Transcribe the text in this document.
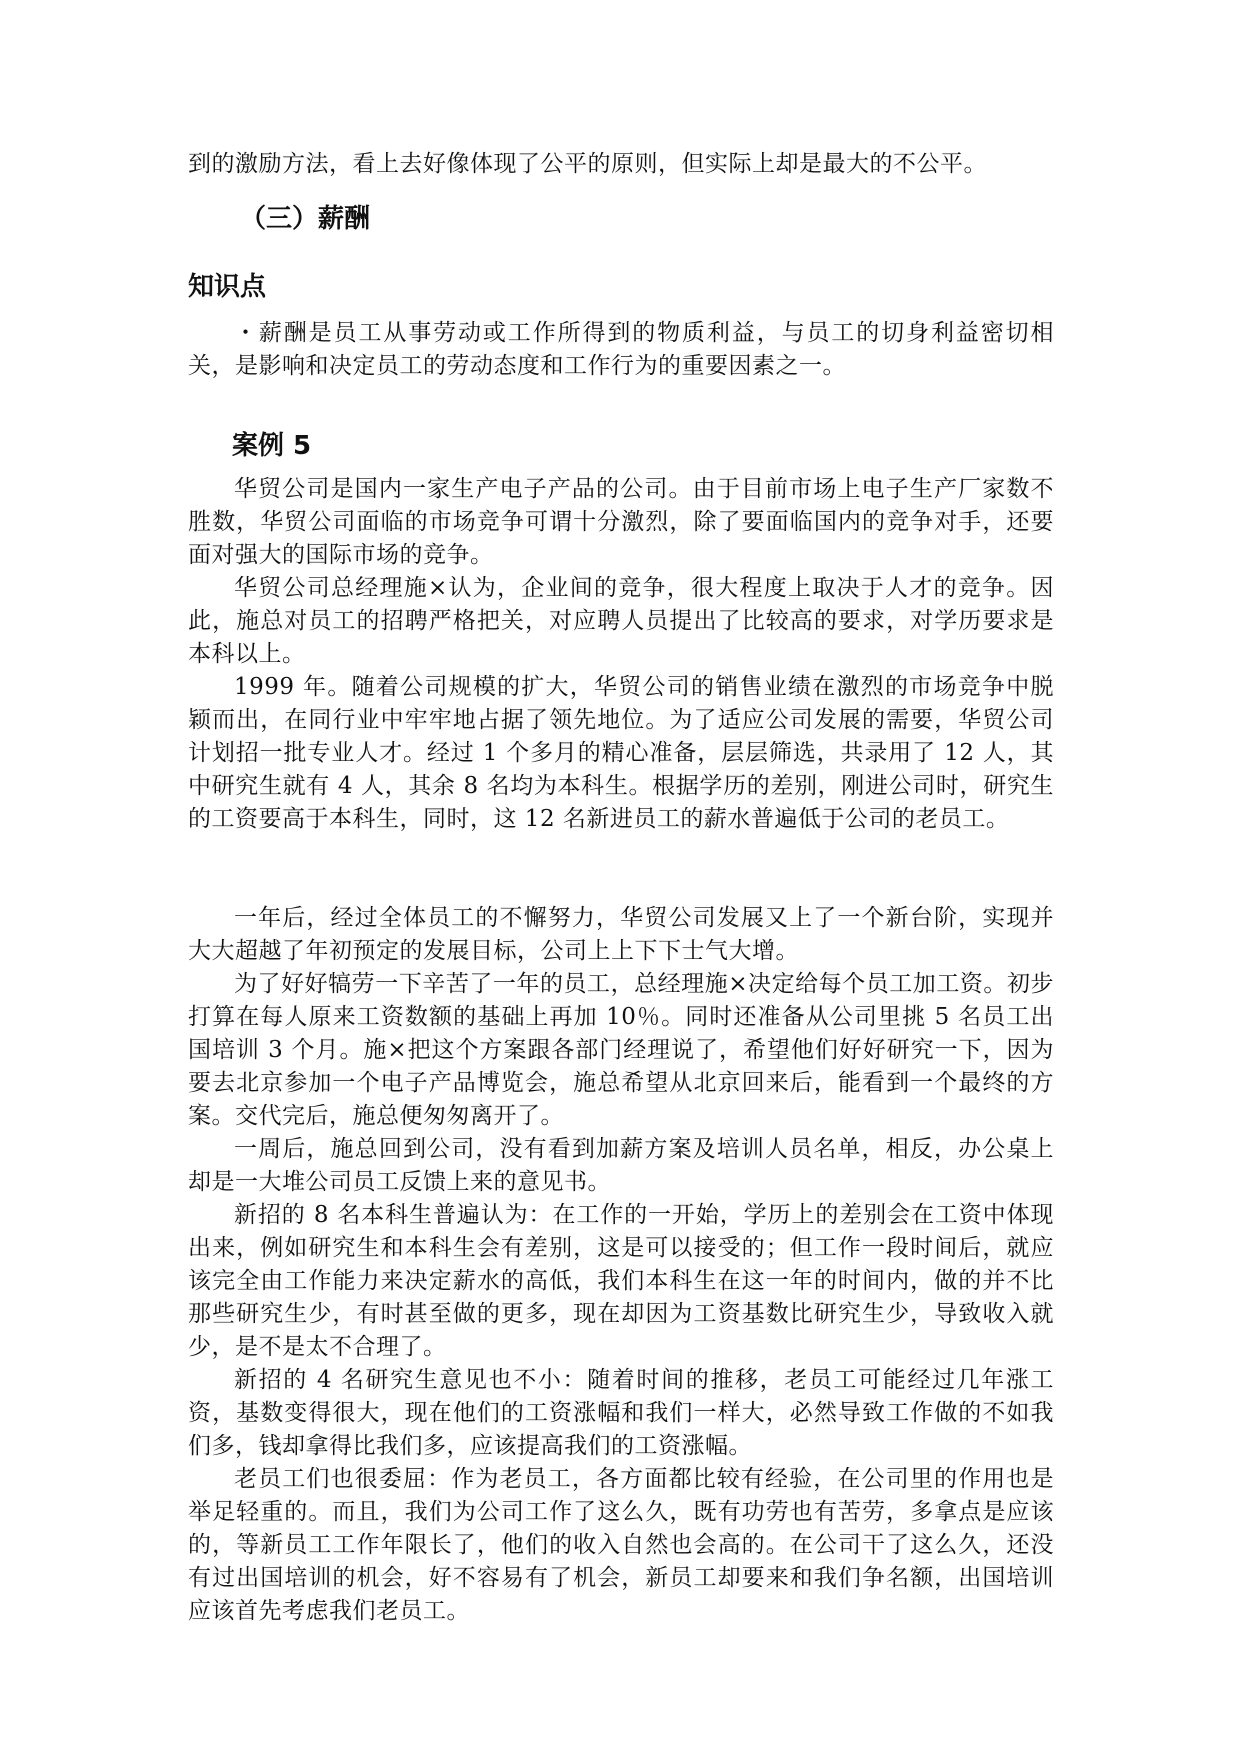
到的激励方法，看上去好像体现了公平的原则，但实际上却是最大的不公平。

（三）薪酬
知识点

・薪酬是员工从事劳动或工作所得到的物质利益，与员工的切身利益密切相关，是影响和决定员工的劳动态度和工作行为的重要因素之一。

案例 5

华贸公司是国内一家生产电子产品的公司。由于目前市场上电子生产厂家数不胜数，华贸公司面临的市场竞争可谓十分激烈，除了要面临国内的竞争对手，还要面对强大的国际市场的竞争。

华贸公司总经理施×认为，企业间的竞争，很大程度上取决于人才的竞争。因此，施总对员工的招聘严格把关，对应聘人员提出了比较高的要求，对学历要求是本科以上。

1999 年。随着公司规模的扩大，华贸公司的销售业绩在激烈的市场竞争中脱颖而出，在同行业中牢牢地占据了领先地位。为了适应公司发展的需要，华贸公司计划招一批专业人才。经过 1 个多月的精心准备，层层筛选，共录用了 12 人，其中研究生就有 4 人，其余 8 名均为本科生。根据学历的差别，刚进公司时，研究生的工资要高于本科生，同时，这 12 名新进员工的薪水普遍低于公司的老员工。

一年后，经过全体员工的不懈努力，华贸公司发展又上了一个新台阶，实现并大大超越了年初预定的发展目标，公司上上下下士气大增。

为了好好犒劳一下辛苦了一年的员工，总经理施×决定给每个员工加工资。初步打算在每人原来工资数额的基础上再加 10％。同时还准备从公司里挑 5 名员工出国培训 3 个月。施×把这个方案跟各部门经理说了，希望他们好好研究一下，因为要去北京参加一个电子产品博览会，施总希望从北京回来后，能看到一个最终的方案。交代完后，施总便匆匆离开了。

一周后，施总回到公司，没有看到加薪方案及培训人员名单，相反，办公桌上却是一大堆公司员工反馈上来的意见书。

新招的 8 名本科生普遍认为：在工作的一开始，学历上的差别会在工资中体现出来，例如研究生和本科生会有差别，这是可以接受的；但工作一段时间后，就应该完全由工作能力来决定薪水的高低，我们本科生在这一年的时间内，做的并不比那些研究生少，有时甚至做的更多，现在却因为工资基数比研究生少，导致收入就少，是不是太不合理了。

新招的 4 名研究生意见也不小：随着时间的推移，老员工可能经过几年涨工资，基数变得很大，现在他们的工资涨幅和我们一样大，必然导致工作做的不如我们多，钱却拿得比我们多，应该提高我们的工资涨幅。

老员工们也很委屈：作为老员工，各方面都比较有经验，在公司里的作用也是举足轻重的。而且，我们为公司工作了这么久，既有功劳也有苦劳，多拿点是应该的，等新员工工作年限长了，他们的收入自然也会高的。在公司干了这么久，还没有过出国培训的机会，好不容易有了机会，新员工却要来和我们争名额，出国培训应该首先考虑我们老员工。
